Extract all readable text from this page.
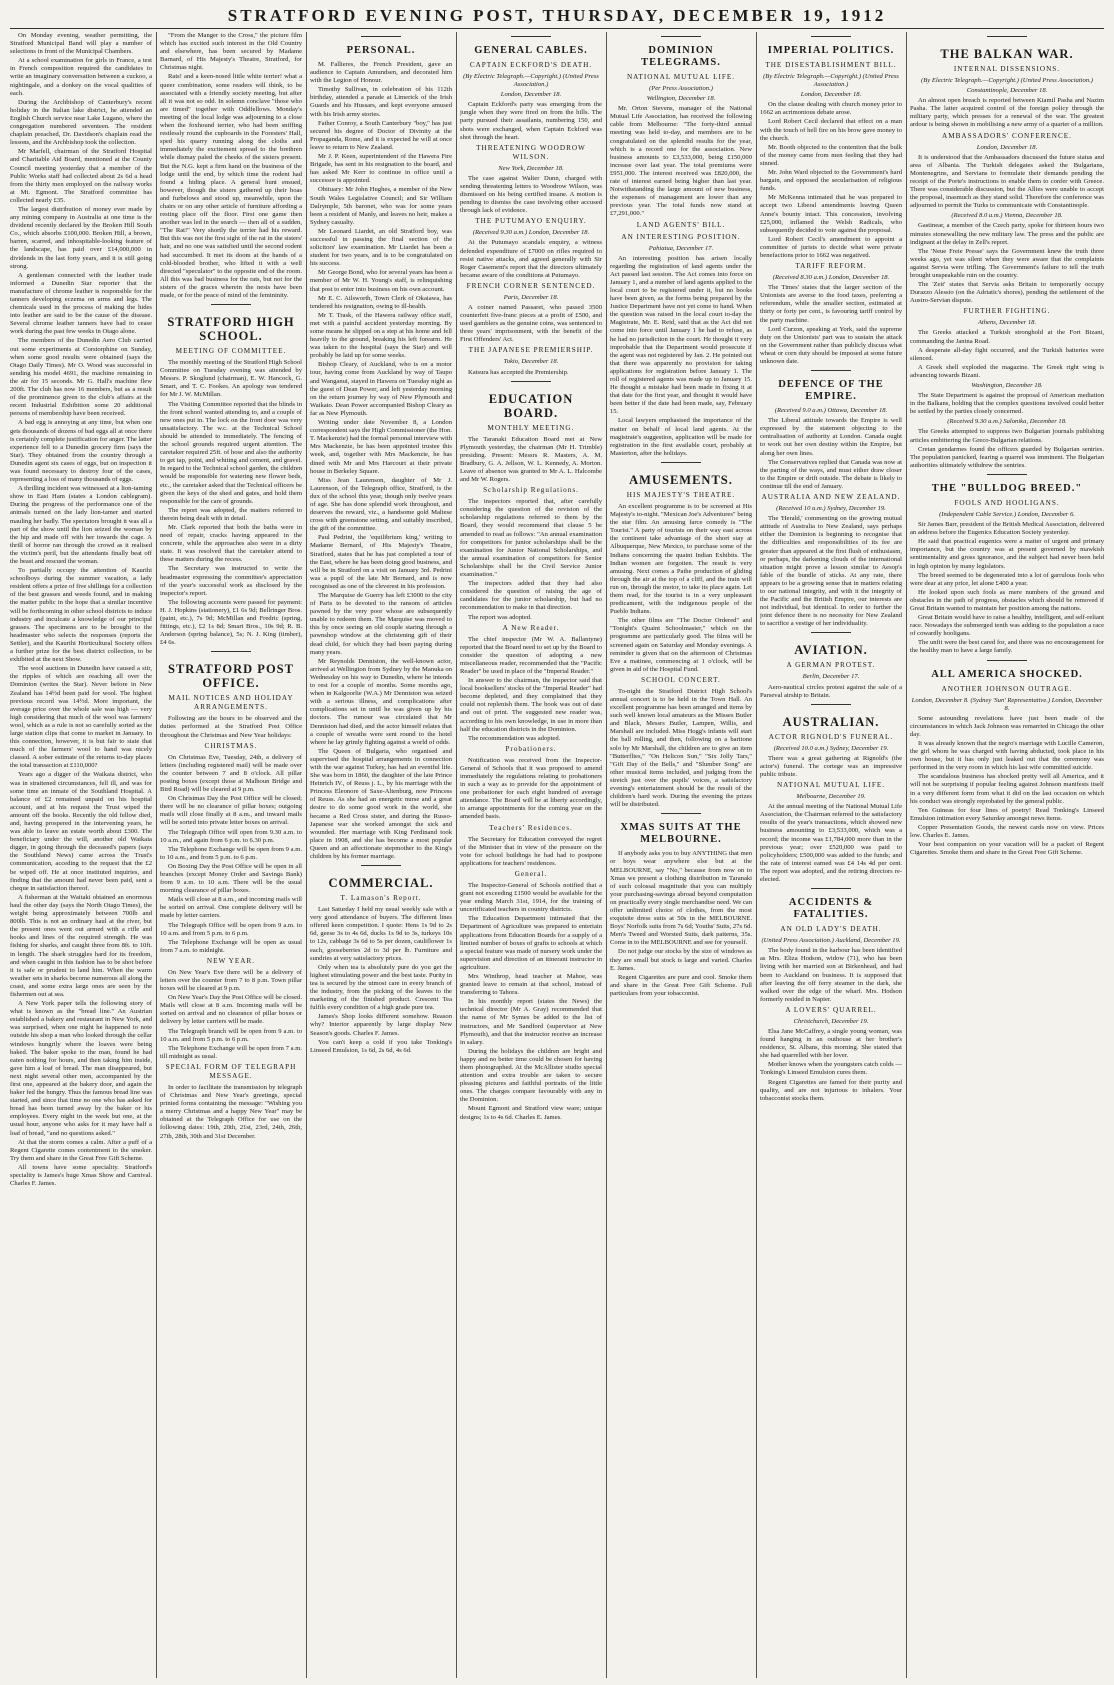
STRATFORD EVENING POST, THURSDAY, DECEMBER 19, 1912

On Monday evening, weather permitting, the Stratford Municipal Band will play a number of selections in front of the Municipal Chambers.

At a school examination for girls in France, a test in French composition required the candidates to write an imaginary conversation between a cuckoo, a nightingale, and a donkey on the vocal qualities of each.

During the Archbishop of Canterbury's recent holiday in the Italian lake district, he attended an English Church service near Lake Lugano, where the congregation numbered seventeen. The resident chaplain preached, Dr. Davidson's chaplain read the lessons, and the Archbishop took the collection.

Mr Marfell, chairman of the Stratford Hospital and Charitable Aid Board, mentioned at the County Council meeting yesterday that a member of the Public Works staff had collected about 2s 6d a head from the thirty men employed on the railway works at Mt. Egmont. The Stratford committee has collected nearly £35.

The largest distribution of money ever made by any mining company in Australia at one time is the dividend recently declared by the Broken Hill South Co., which absorbs £100,000. Broken Hill, a brown, barren, scarred, and inhospitable-looking feature of the landscape, has paid over £14,000,000 in dividends in the last forty years, and it is still going strong.

A gentleman connected with the leather trade informed a Dunedin Star reporter that the manufacture of chrome leather is responsible for the tanners developing eczema on arms and legs. The chemicals used in the process of making the hides into leather are said to be the cause of the disease. Several chrome leather tanners have had to cease work during the past few weeks in Otago alone.

The members of the Dunedin Aero Club carried out some experiments at Corstorphine on Sunday, when some good results were obtained (says the Otago Daily Times). Mr O. Wood was successful in sending his model 4691, the machine remaining in the air for 15 seconds. Mr G. Hall's machine flew 200ft. The club has now 16 members, but as a result of the prominence given to the club's affairs at the recent Industrial Exhibition some 20 additional persons of membership have been received.

A bad egg is annoying at any time, but when one gets thousands of dozens of bad eggs all at once there is certainly complete justification for anger. The latter experience fell to a Dunedin grocery firm (says the Star). They obtained from the country through a Dunedin agent six cases of eggs, but on inspection it was found necessary to destroy four of the cases, representing a loss of many thousands of eggs.

A thrilling incident was witnessed at a lion-taming show in East Ham (states a London cablegram). During the progress of the performance one of the animals turned on the lady lion-tamer and started mauling her badly. The spectators brought it was all a part of the show until the lion seized the woman by the hip and made off with her towards the cage. A thrill of horror ran through the crowd as it realised the victim's peril, but the attendants finally beat off the beast and rescued the woman.

To partially occupy the attention of Kaurihi schoolboys during the summer vacation, a lady resident offers a prize of five shillings for a collection of the best grasses and weeds found, and in making the matter public in the hope that a similar incentive will be forthcoming in other school districts to induce industry and inculcate a knowledge of our principal grasses. The specimens are to be brought to the headmaster who selects the responses (reports the Settler), and the Kaurihi Horticultural Society offers a further prize for the best district collection, to be exhibited at the next Show.

The wool auctions in Dunedin have caused a stir, the ripples of which are reaching all over the Dominion (writes the Star). Never before in New Zealand has 14½d been paid for wool. The highest previous record was 14½d. More important, the average price over the whole sale was high — very high considering that much of the wool was farmers' wool, which as a rule is not so carefully sorted as the large station clips that come to market in January. In this connection, however, it is but fair to state that much of the farmers' wool to hand was nicely classed. A sober estimate of the returns to-day places the total transaction at £110,000?

Years ago a digger of the Waikaia district, who was in straitened circumstances, fell ill, and was for some time an inmate of the Southland Hospital. A balance of £2 remained unpaid on his hospital account, and at his request the Trust wiped the amount off the books. Recently the old fellow died, and, having prospered in the intervening years, he was able to leave an estate worth about £300. The beneficiary under the will, another old Waikaia digger, in going through the deceased's papers (says the Southland News) came across the Trust's communication, acceding to the request that the £2 be wiped off. He at once instituted inquiries, and finding that the amount had never been paid, sent a cheque in satisfaction thereof.

A fisherman at the Waitaki obtained an enormous haul the other day (says the North Otago Times), the weight being approximately between 700lb and 800lb. This is not an ordinary haul at the river, but the present ones went out armed with a rifle and hooks and lines of the required strength. He was fishing for sharks, and caught three from 8ft. to 10ft. in length. The shark struggles hard for its freedom, and when caught in this fashion has to be shot before it is safe or prudent to land him. When the warm weather sets in sharks become numerous all along the coast, and some extra large ones are seen by the fishermen out at sea.

A New York paper tells the following story of what is known as the "bread line." An Austrian established a bakery and restaurant in New York, and was surprised, when one night he happened to note outside his shop a man who looked through the cellar windows hungrily where the loaves were being baked. The baker spoke to the man, found he had eaten nothing for hours, and then taking him inside, gave him a loaf of bread. The man disappeared, but next night several other men, accompanied by the first one, appeared at the bakery door, and again the baker fed the hungry. Thus the famous bread line was started, and since that time no one who has asked for bread has been turned away by the baker or his employees. Every night in the week but one, at the usual hour, anyone who asks for it may have half a loaf of bread, "and no questions asked."

At that the storm comes a calm. After a puff of a Regent Cigarette comes contentment to the smoker. Try them and share in the Great Free Gift Scheme.

All towns have some speciality. Stratford's speciality is James's huge Xmas Show and Carnival. Charles F. James.

"From the Manger to the Cross," the picture film which has excited such interest in the Old Country and elsewhere, has been secured by Madame Barnard, of His Majesty's Theatre, Stratford, for Christmas night.

Rats! and a keen-nosed little white terrier! what a queer combination, some readers will think, to be associated with a friendly society meeting, but after all it was not so odd. In solemn conclave "those who are timed" together with Oddfellows. Monday's meeting of the local lodge was adjourning to a close when the foxhound terrier, who had been sniffing restlessly round the cupboards in the Foresters' Hall, sped his quarry running along the cloths and immediately the excitement spread to the brethren while dismay paled the cheeks of the sisters present. But the N.G. kept a firm hand on the business of the lodge until the end, by which time the rodent had found a hiding place. A general hunt ensued, however, though the sisters gathered up their boas and furbelows and stood up, meanwhile, upon the chairs or on any other article of furniture affording a resting place off the floor. First one game then another was led in the search — then all of a sudden, "The Rat!" Very shortly the terrier had his reward. But this was not the first sight of the rat in the sisters' hair, and no one was satisfied until the second rodent had succumbed. It met its doom at the hands of a cold-blooded brother, who lifted it with a well directed "speculator" to the opposite end of the room. All this was bad business for the rats, but not for the sisters of the graces wherein the nests have been made, or for the peace of mind of the femininity.

STRATFORD HIGH SCHOOL.
MEETING OF COMMITTEE.

The monthly meeting of the Stratford High School Committee on Tuesday evening was attended by Messrs. P. Skoglund (chairman), E. W. Hancock, G. Smart, and T. C. Fookes. An apology was tendered for Mr J. W. McMillan.

The Visiting Committee reported that the blinds in the front school wanted attending to, and a couple of new ones put in. The lock on the front door was very unsatisfactory. The w.c. at the Technical School should be attended to immediately. The fencing of the school grounds required urgent attention. The caretaker required 25ft. of hose and also the authority to get tap, point, and whiting and cement, and gravel. In regard to the Technical school garden, the children would be responsible for watering new flower beds, etc., the caretaker asked that the Technical officers be given the keys of the shed and gates, and hold them responsible for the care of grounds.

The report was adopted, the matters referred to therein being dealt with in detail.

Mr. Clark reported that both the baths were in need of repair, cracks having appeared in the concrete, while the approaches also were in a dirty state. It was resolved that the caretaker attend to these matters during the recess.

The Secretary was instructed to write the headmaster expressing the committee's appreciation of the year's successful work as disclosed by the inspector's report.

The following accounts were passed for payment: H. J. Hopkins (stationery), £1 6s 9d; Bellringer Bros. (paint, etc.), 7s 9d; McMillan and Fredric (spring, fittings, etc.), £2 1s 8d; Smart Bros., 10s 9d; R. B. Anderson (spring balance), 5s; N. J. King (timber), £4 6s.

STRATFORD POST OFFICE.
MAIL NOTICES AND HOLIDAY ARRANGEMENTS.

Following are the hours to be observed and the duties performed at the Stratford Post Office throughout the Christmas and New Year holidays:

CHRISTMAS.

On Christmas Eve, Tuesday, 24th, a delivery of letters (including registered mail) will be made over the counter between 7 and 8 o'clock. All pillar posting boxes (except those at Malhoun Bridge and Bird Road) will be cleared at 9 p.m.

On Christmas Day the Post Office will be closed; there will be no clearance of pillar boxes; outgoing mails will close finally at 8 a.m., and inward mails will be sorted into private letter boxes on arrival.

The Telegraph Office will open from 9.30 a.m. to 10 a.m., and again from 6 p.m. to 6.30 p.m.

The Telephone Exchange will be open from 9 a.m. to 10 a.m., and from 5 p.m. to 6 p.m.

On Boxing Day the Post Office will be open in all branches (except Money Order and Savings Bank) from 9 a.m. to 10 a.m. There will be the usual morning clearance of pillar boxes.

Mails will close at 8 a.m., and incoming mails will be sorted on arrival. One complete delivery will be made by letter carriers.

The Telegraph Office will be open from 9 a.m. to 10 a.m. and from 5 p.m. to 6 p.m.

The Telephone Exchange will be open as usual from 7 a.m. to midnight.

NEW YEAR.

On New Year's Eve there will be a delivery of letters over the counter from 7 to 8 p.m. Town pillar boxes will be cleared at 9 p.m.

On New Year's Day the Post Office will be closed. Mails will close at 8 a.m. Incoming mails will be sorted on arrival and no clearance of pillar boxes or delivery by letter carriers will be made.

The Telegraph branch will be open from 9 a.m. to 10 a.m. and from 5 p.m. to 6 p.m.

The Telephone Exchange will be open from 7 a.m. till midnight as usual.

SPECIAL FORM OF TELEGRAPH MESSAGE.

In order to facilitate the transmission by telegraph of Christmas and New Year's greetings, special printed forms containing the message: "Wishing you a merry Christmas and a happy New Year" may be obtained at the Telegraph Office for use on the following dates: 19th, 20th, 21st, 23rd, 24th, 26th, 27th, 28th, 30th and 31st December.

PERSONAL.

M. Fallieres, the French President, gave an audience to Captain Amundsen, and decorated him with the Legion of Honour.

Timothy Sullivan, in celebration of his 112th birthday, attended a parade at Limerick of the Irish Guards and his Hussars, and kept everyone amused with his Irish army stories.

Father Conroy, a South Canterbury "boy," has just secured his degree of Doctor of Divinity at the Propaganda, Rome, and it is expected he will at once leave to return to New Zealand.

Mr J. P. Keen, superintendent of the Hawera Fire Brigade, has sent in his resignation to the board, and has asked Mr Kerr to continue in office until a successor is appointed.

Obituary: Mr John Hughes, a member of the New South Wales Legislative Council; and Sir William Dalrymple, 5th baronet, who was for some years been a resident of Manly, and leaves no heir, makes a Sydney casualty.

Mr Leonard Liardet, an old Stratford boy, was successful in passing the final section of the solicitors' law examination. Mr Liardet has been a student for two years, and is to be congratulated on his success.

Mr George Bond, who for several years has been a member of Mr W. H. Young's staff, is relinquishing that post to enter into business on his own account.

Mr E. C. Ailsworth, Town Clerk of Okaiawa, has tendered his resignation, owing to ill-health.

Mr T. Trask, of the Hawera railway office staff, met with a painful accident yesterday morning. By some means he slipped on a step at his home and fell heavily to the ground, breaking his left forearm. He was taken to the hospital (says the Star) and will probably be laid up for some weeks.

Bishop Cleary, of Auckland, who is on a motor tour, having come from Auckland by way of Taupo and Wanganui, stayed in Hawera on Tuesday night as the guest of Dean Power, and left yesterday morning on the return journey by way of New Plymouth and Waikato. Dean Power accompanied Bishop Cleary as far as New Plymouth.

Writing under date November 8, a London correspondent says the High Commissioner (the Hon. T. Mackenzie) had the formal personal interview with Mrs Mackenzie, he has been appointed trustee this week, and, together with Mrs Mackenzie, he has dined with Mr and Mrs Harcourt at their private house in Berkeley Square.

Miss Jean Laurenson, daughter of Mr J. Laurenson, of the Telegraph office, Stratford, is the dux of the school this year, though only twelve years of age. She has done splendid work throughout, and deserves the reward, viz., a handsome gold Maltese cross with greenstone setting, and suitably inscribed, the gift of the committee.

Paul Pedrini, the 'equilibrium king,' writing to Madame Bernard, of His Majesty's Theatre, Stratford, states that he has just completed a tour of the East, where he has been doing good business, and will be in Stratford on a visit on January 3rd. Pedrini was a pupil of the late Mr Bernard, and is now recognised as one of the cleverest in his profession.

The Marquise de Guerry has left £3000 to the city of Paris to be devoted to the ransom of articles pawned by the very poor whose are subsequently unable to redeem them. The Marquise was moved to this by once seeing an old couple staring through a pawnshop window at the christening gift of their dead child, for which they had been paying during many years.

Mr Reynolds Denniston, the well-known actor, arrived at Wellington from Sydney by the Manuka on Wednesday on his way to Dunedin, where he intends to rest for a couple of months. Some months ago, when in Kalgoorlie (W.A.) Mr Denniston was seized with a serious illness, and complications after complications set in until he was given up by his doctors. The rumour was circulated that Mr Denniston had died, and the actor himself relates that a couple of wreaths were sent round to the hotel where he lay grimly fighting against a world of odds.

The Queen of Bulgaria, who organised and supervised the hospital arrangements in connection with the war against Turkey, has had an eventful life. She was born in 1860, the daughter of the late Prince Heinrich IV., of Reuss j. L., by his marriage with the Princess Eleonore of Saxe-Altenburg, now Princess of Reuss. As she had an energetic nurse and a great desire to do some good work in the world, she became a Red Cross sister, and during the Russo-Japanese war she worked amongst the sick and wounded. Her marriage with King Ferdinand took place in 1908, and she has become a most popular Queen and an affectionate stepmother to the King's children by his former marriage.

COMMERCIAL.
T. Lamason's Report.

Last Saturday I held my usual weekly sale with a very good attendance of buyers. The different lines offered keen competition. I quote: Hens 1s 9d to 2s 6d, geese 3s to 4s 6d, ducks 1s 9d to 3s, turkeys 10s to 12s, cabbage 3s 6d to 5s per dozen, cauliflower 1s each, gooseberries 2d to 3d per lb. Furniture and sundries at very satisfactory prices.

Only when tea is absolutely pure do you get the highest stimulating power and the best taste. Purity in tea is secured by the utmost care in every branch of the industry, from the picking of the leaves to the marketing of the finished product. Crescent Tea fulfils every condition of a high grade pure tea.

James's Shop looks different somehow. Reason why? Interior apparently by large display New Season's goods. Charles F. James.

You can't keep a cold if you take Tonking's Linseed Emulsion, 1s 6d, 2s 6d, 4s 6d.

GENERAL CABLES.
CAPTAIN ECKFORD'S DEATH.
(By Electric Telegraph.—Copyright.) (United Press Association.)
London, December 18.

Captain Eckford's party was emerging from the jungle when they were fired on from the hills. The party pursued their assailants, numbering 150, and shots were exchanged, when Captain Eckford was shot through the heart.

THREATENING WOODROW WILSON.
New York, December 18.

The case against Walter Dunn, charged with sending threatening letters to Woodrow Wilson, was dismissed on his being certified insane. A motion is pending to dismiss the case involving other accused through lack of evidence.

THE PUTUMAYO ENQUIRY.
(Received 9.30 a.m.) London, December 18.

At the Putumayo scandals enquiry, a witness defended expenditure of £7000 on rifles required to resist native attacks, and agreed generally with Sir Roger Casement's report that the directors ultimately became aware of the conditions at Putumayo.

FRENCH CORNER SENTENCED.
Paris, December 18.

A coiner named Passaret, who passed 3500 counterfeit five-franc pieces at a profit of £500, and used gamblers as the genuine coins, was sentenced to three years' imprisonment, with the benefit of the First Offenders' Act.

THE JAPANESE PREMIERSHIP.
Tokio, December 18.

Katsura has accepted the Premiership.

EDUCATION BOARD.
MONTHLY MEETING.

The Taranaki Education Board met at New Plymouth yesterday, the chairman (Mr H. Trimble) presiding. Present: Messrs R. Masters, A. M. Bradbury, G. A. Jellson, W. L. Kennedy, A. Morton. Leave of absence was granted to Mr A. L. Halcombe and Mr W. Rogers.

Scholarship Regulations.

The inspectors reported that, after carefully considering the question of the revision of the scholarship regulations referred to them by the Board, they would recommend that clause 5 be amended to read as follows: "An annual examination for competitors for junior scholarships shall be the examination for Junior National Scholarships, and the annual examination of competitors for Senior Scholarships shall be the Civil Service Junior examination."

The inspectors added that they had also considered the question of raising the age of candidates for the junior scholarship, but had no recommendation to make in that direction.

The report was adopted.

A New Reader.

The chief inspector (Mr W. A. Ballantyne) reported that the Board need to set up by the Board to consider the question of adopting a new miscellaneous reader, recommended that the "Pacific Reader" be used in place of the "Imperial Reader."

In answer to the chairman, the inspector said that local booksellers' stocks of the "Imperial Reader" had become depleted, and they complained that they could not replenish them. The book was out of date and out of print. The suggested new reader was, according to his own knowledge, in use in more than half the education districts in the Dominion.

The recommendation was adopted.

Probationers.

Notification was received from the Inspector-General of Schools that it was proposed to amend immediately the regulations relating to probationers in such a way as to provide for the appointment of one probationer for each eight hundred of average attendance. The Board will be at liberty accordingly, to arrange appointments for the coming year on the amended basis.

Teachers' Residences.

The Secretary for Education conveyed the regret of the Minister that in view of the pressure on the vote for school buildings he had had to postpone applications for teachers' residences.

General.

The Inspector-General of Schools notified that a grant not exceeding £1500 would be available for the year ending March 31st, 1914, for the training of uncertificated teachers in country districts.

The Education Department intimated that the Department of Agriculture was prepared to entertain applications from Education Boards for a supply of a limited number of boxes of grafts to schools at which a special feature was made of nursery work under the supervision and direction of an itinerant instructor in agriculture.

Mrs Winthrop, head teacher at Mahoe, was granted leave to remain at that school, instead of transferring to Tahora.

In his monthly report (states the News) the technical director (Mr A. Gray) recommended that the name of Mr Symes be added to the list of instructors, and Mr Sandford (supervisor at New Plymouth), and that the instructor receive an increase in salary.

During the holidays the children are bright and happy and no better time could be chosen for having them photographed. At the McAllister studio special attention and extra trouble are taken to secure pleasing pictures and faithful portraits of the little ones. The charges compare favourably with any in the Dominion.

Mount Egmont and Stratford view ware; unique designs; 1s to 4s 6d. Charles E. James.

DOMINION TELEGRAMS.
NATIONAL MUTUAL LIFE.
(Per Press Association.)
Wellington, December 18.

Mr. Orton Stevens, manager of the National Mutual Life Association, has received the following cable from Melbourne: "The forty-third annual meeting was held to-day, and members are to be congratulated on the splendid results for the year, which is a record one for the association. New business amounts to £3,533,000, being £150,000 increase over last year. The total premiums were £951,000. The interest received was £820,000, the rate of interest earned being higher than last year. Notwithstanding the large amount of new business, the expenses of management are lower than any previous year. The total funds now stand at £7,291,000."

LAND AGENTS' BILL.
AN INTERESTING POSITION.
Pahiatua, December 17.

An interesting position has arisen locally regarding the registration of land agents under the Act passed last session. The Act comes into force on January 1, and a number of land agents applied to the local court to be registered under it, but no books have been given, as the forms being prepared by the Justice Department have not yet come to hand. When the question was raised in the local court to-day the Magistrate, Mr. E. Reid, said that as the Act did not come into force until January 1 he had to refuse, as he had no jurisdiction in the court. He thought it very improbable that the Department would prosecute if the agent was not registered by Jan. 2. He pointed out that there was apparently no provision for taking applications for registration before January 1. The roll of registered agents was made up to January 15. He thought a mistake had been made in fixing it at that date for the first year, and thought it would have been better if the date had been made, say, February 15.

Local lawyers emphasised the importance of the matter on behalf of local land agents. At the magistrate's suggestion, application will be made for registration in the first available court, probably at Masterton, after the holidays.

AMUSEMENTS.
HIS MAJESTY'S THEATRE.

An excellent programme is to be screened at His Majesty's to-night. "Mexican Joe's Adventures" being the star film. An amusing farce comedy is "The Tourist." A party of tourists on their way east across the continent take advantage of the short stay at Albuquerque, New Mexico, to purchase some of the Indians concerning the quaint Indian Exhibits. The Indian women are forgotten. The result is very amusing. Next comes a Pathe production of gliding through the air at the top of a cliff, and the train will run on, through the motor, to take its place again. Let them read, for the tourist is in a very unpleasant predicament, with the indigenous people of the Pueblo Indians.

The other films are "The Doctor Ordered" and "Tonight's Quaint Schoolmaster," which on the programme are particularly good. The films will be screened again on Saturday and Monday evenings. A reminder is given that on the afternoon of Christmas Eve a matinee, commencing at 1 o'clock, will be given in aid of the Hospital Fund.

SCHOOL CONCERT.

To-night the Stratford District High School's annual concert is to be held in the Town Hall. An excellent programme has been arranged and items by such well known local amateurs as the Misses Butler and Black, Messrs Butler, Lampen, Willis, and Marshall are included. Miss Hogg's infants will start the ball rolling, and then, following on a baritone solo by Mr Marshall, the children are to give an item "Butterflies," "On Helicon Sun," "Six Jolly Tars," "Gift Day of the Bells," and "Slumber Song" are other musical items included, and judging from the stretch just over the pupils' voices, a satisfactory evening's entertainment should be the result of the children's hard work. During the evening the prizes will be distributed.

XMAS SUITS AT THE MELBOURNE.

If anybody asks you to buy ANYTHING that men or boys wear anywhere else but at the MELBOURNE, say "No," because from now on to Xmas we present a clothing distribution in Taranaki of such colossal magnitude that you can multiply your purchasing-savings abroad beyond computation on practically every single merchandise need. We can offer unlimited choice of clothes, from the most exquisite dress suits at 50s in the MELBOURNE. Boys' Norfolk suits from 7s 6d; Youths' Suits, 27s 6d. Men's Tweed and Worsted Suits, dark patterns, 35s. Come in to the MELBOURNE and see for yourself.

Do not judge our stocks by the size of windows as they are small but stock is large and varied. Charles E. James.

Regent Cigarettes are pure and cool. Smoke them and share in the Great Free Gift Scheme. Full particulars from your tobacconist.

IMPERIAL POLITICS.
THE DISESTABLISHMENT BILL.
(By Electric Telegraph.—Copyright.) (United Press Association.)
London, December 18.

On the clause dealing with church money prior to 1662 an acrimonious debate arose.

Lord Robert Cecil declared that effect on a man with the touch of hell fire on his brow gave money to the church.

Mr. Booth objected to the contention that the bulk of the money came from men feeling that they had sinned.

Mr. John Ward objected to the Government's hard bargain, and opposed the secularisation of religious funds.

Mr McKenna intimated that he was prepared to accept two Liberal amendments leaving Queen Anne's bounty intact. This concession, involving £25,000, inflamed the Welsh Radicals, who subsequently decided to vote against the proposal.

Lord Robert Cecil's amendment to appoint a committee of jurists to decide what were private benefactions prior to 1662 was negatived.

TARIFF REFORM.
(Received 8.30 a.m.) London, December 18.

The Times' states that the larger section of the Unionists are averse to the food taxes, preferring a referendum, while the smaller section, estimated at thirty or forty per cent., is favouring tariff control by the party machine.

Lord Curzon, speaking at York, said the supreme duty on the Unionists' part was to sustain the attack on the Government rather than publicly discuss what wheat or corn duty should be imposed at some future unknown date.

DEFENCE OF THE EMPIRE.
(Received 9.0 a.m.) Ottawa, December 18.

The Liberal attitude towards the Empire is well expressed by the statement objecting to the centralisation of authority at London. Canada ought to work out her own destiny within the Empire, but along her own lines.

The Conservatives replied that Canada was now at the parting of the ways, and must either draw closer to the Empire or drift outside. The debate is likely to continue till the end of January.

AUSTRALIA AND NEW ZEALAND.
(Received 10 a.m.) Sydney, December 19.

The 'Herald,' commenting on the growing mutual attitude of Australia to New Zealand, says perhaps either the Dominion is beginning to recognise that the difficulties and responsibilities of its fee are greater than appeared at the first flush of enthusiasm, or perhaps, the darkening clouds of the international situation might prove a lesson similar to Aesop's fable of the bundle of sticks. At any rate, there appears to be a growing sense that in matters relating to our national integrity, and with it the integrity of the Pacific and the British Empire, our interests are not individual, but identical. In order to further the joint defence there is no necessity for New Zealand to sacrifice a vestige of her individuality.

AVIATION.
A GERMAN PROTEST.
Berlin, December 17.

Aero-nautical circles protest against the sale of a Parseval airship to Britain.

AUSTRALIAN.
ACTOR RIGNOLD'S FUNERAL.
(Received 10.0 a.m.) Sydney, December 19.

There was a great gathering at Rignold's (the actor's) funeral. The cortege was an impressive public tribute.

NATIONAL MUTUAL LIFE.
Melbourne, December 19.

At the annual meeting of the National Mutual Life Association, the Chairman referred to the satisfactory results of the year's transactions, which showed new business amounting to £3,533,000, which was a record; the income was £1,784,000 more than in the previous year; over £520,000 was paid to policyholders; £500,000 was added to the funds; and the rate of interest earned was £4 14s 4d per cent. The report was adopted, and the retiring directors re-elected.

ACCIDENTS & FATALITIES.
AN OLD LADY'S DEATH.
(United Press Association.) Auckland, December 19.

The body found in the harbour has been identified as Mrs. Eliza Hodson, widow (71), who has been living with her married son at Birkenhead, and had been to Auckland on business. It is supposed that after leaving the off ferry steamer in the dark, she walked over the edge of the wharf. Mrs. Hodson formerly resided in Napier.

A LOVERS' QUARREL.
Christchurch, December 19.

Elsa Jane McCaffrey, a single young woman, was found hanging in an outhouse at her brother's residence, St. Albans, this morning. She stated that she had quarrelled with her lover.

Mother knows when the youngsters catch colds — Tonking's Linseed Emulsion cures them.

Regent Cigarettes are famed for their purity and quality, and are not injurious to inhalers. Your tobacconist stocks them.

THE BALKAN WAR.
INTERNAL DISSENSIONS.
(By Electric Telegraph.—Copyright.) (United Press Association.)
Constantinople, December 18.

An almost open breach is reported between Kiamil Pasha and Nazim Pasha. The latter acquired control of the foreign policy through the military party, which presses for a renewal of the war. The greatest ardour is being shown in mobilising a new army of a quarter of a million.

AMBASSADORS' CONFERENCE.
London, December 18.

It is understood that the Ambassadors discussed the future status and area of Albania. The Turkish delegates asked the Bulgarians, Montenegrins, and Servians to formulate their demands pending the receipt of the Porte's instructions to enable them to confer with Greece. There was considerable discussion, but the Allies were unable to accept the proposal, inasmuch as they stand solid. Therefore the conference was adjourned to permit the Turks to communicate with Constantinople.

(Received 8.0 a.m.) Vienna, December 18.

Gastinear, a member of the Czech party, spoke for thirteen hours two minutes stonewalling the new military law. The press and the public are indignant at the delay in Zell's report.

The 'Neue Freie Presse' says the Government knew the truth three weeks ago, yet was silent when they were aware that the complaints against Servia were trifling. The Government's failure to tell the truth brought unspeakable ruin on the country.

The 'Zeit' states that Servia asks Britain to temporarily occupy Durazzo Alessio (on the Adriatic's shores), pending the settlement of the Austro-Servian dispute.

FURTHER FIGHTING.
Athens, December 18.

The Greeks attacked a Turkish stronghold at the Fort Bizani, commanding the Janina Road.

A desperate all-day fight occurred, and the Turkish batteries were silenced.

A Greek shell exploded the magazine. The Greek right wing is advancing towards Bizani.

Washington, December 18.

The State Department is against the proposal of American mediation in the Balkans, holding that the complex questions involved could better be settled by the parties closely concerned.

(Received 9.30 a.m.) Salonika, December 18.

The Greeks attempted to suppress two Bulgarian journals publishing articles embittering the Greco-Bulgarian relations.

Cretan gendarmes found the officers guarded by Bulgarian sentries. The population panicked, fearing a quarrel was imminent. The Bulgarian authorities ultimately withdrew the sentries.

THE "BULLDOG BREED."
FOOLS AND HOOLIGANS.
(Independent Cable Service.) London, December 6.

Sir James Barr, president of the British Medical Association, delivered an address before the Eugenics Education Society yesterday.

He said that practical eugenics were a matter of urgent and primary importance, but the country was at present governed by mawkish sentimentality and gross ignorance, and the subject had never been held in high opinion by many legislators.

The breed seemed to be degenerated into a lot of garrulous fools who were dear at any price, let alone £400 a year.

He looked upon such fools as mere numbers of the ground and obstacles in the path of progress, obstacles which should be removed if Great Britain wanted to maintain her position among the nations.

Great Britain would have to raise a healthy, intelligent, and self-reliant race. Nowadays the submerged tenth was adding to the population a race of cowardly hooligans.

The unfit were the best cared for, and there was no encouragement for the healthy man to have a large family.

ALL AMERICA SHOCKED.
ANOTHER JOHNSON OUTRAGE.
London, December 8. (Sydney 'Sun' Representative.) London, December 8.

Some astounding revelations have just been made of the circumstances in which Jack Johnson was remarried in Chicago the other day.

It was already known that the negro's marriage with Lucille Cameron, the girl whom he was charged with having abducted, took place in his own house, but it has only just leaked out that the ceremony was performed in the very room in which his last wife committed suicide.

The scandalous business has shocked pretty well all America, and it will not be surprising if popular feeling against Johnson manifests itself in a very different form from what it did on the last occasion on which his conduct was strongly reprobated by the general public.

Ten Guineas for four lines of poetry! Read Tonking's Linseed Emulsion intimation every Saturday amongst news items.

Copper Presentation Goods, the newest cards now on view. Prices low. Charles E. James.

Your best companion on your vacation will be a packet of Regent Cigarettes. Smoke them and share in the Great Free Gift Scheme.
